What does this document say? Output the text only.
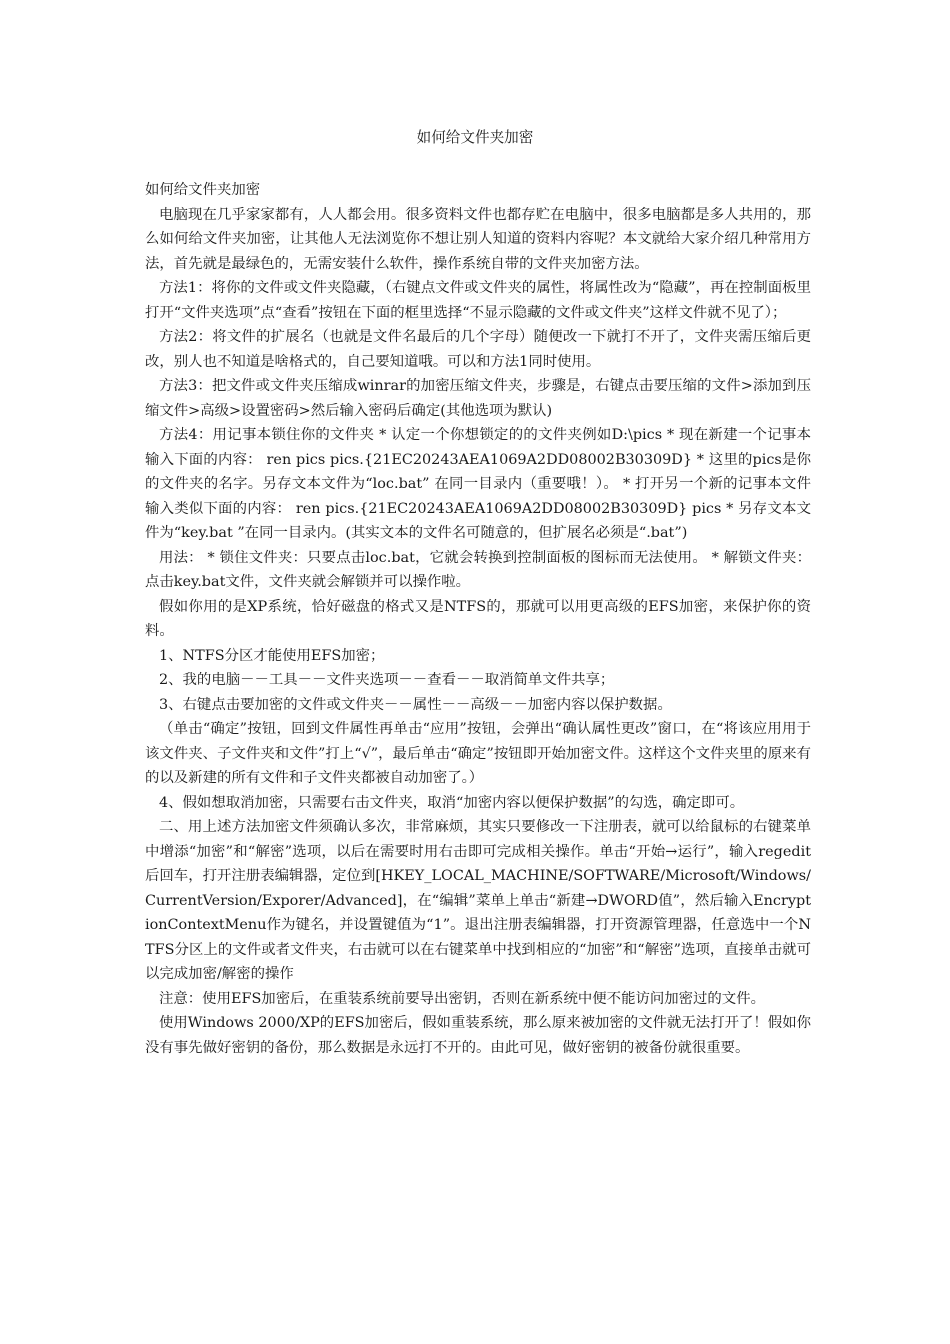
如何给文件夹加密

如何给文件夹加密

电脑现在几乎家家都有，人人都会用。很多资料文件也都存贮在电脑中，很多电脑都是多人共用的，那么如何给文件夹加密，让其他人无法浏览你不想让别人知道的资料内容呢？本文就给大家介绍几种常用方法，首先就是最绿色的，无需安装什么软件，操作系统自带的文件夹加密方法。

方法1：将你的文件或文件夹隐藏，（右键点文件或文件夹的属性，将属性改为“隐藏”，再在控制面板里打开“文件夹选项”点“查看”按钮在下面的框里选择“不显示隐藏的文件或文件夹”这样文件就不见了）；

方法2：将文件的扩展名（也就是文件名最后的几个字母）随便改一下就打不开了，文件夹需压缩后更改，别人也不知道是啥格式的，自己要知道哦。可以和方法1同时使用。

方法3：把文件或文件夹压缩成winrar的加密压缩文件夹，步骤是，右键点击要压缩的文件>添加到压缩文件>高级>设置密码>然后输入密码后确定(其他选项为默认)

方法4：用记事本锁住你的文件夹 * 认定一个你想锁定的的文件夹例如D:\pics * 现在新建一个记事本输入下面的内容： ren pics pics.{21EC20243AEA1069A2DD08002B30309D} * 这里的pics是你的文件夹的名字。另存文本文件为“loc.bat” 在同一目录内（重要哦！）。 * 打开另一个新的记事本文件输入类似下面的内容： ren pics.{21EC20243AEA1069A2DD08002B30309D} pics * 另存文本文件为“key.bat ”在同一目录内。(其实文本的文件名可随意的，但扩展名必须是“.bat”)

用法： * 锁住文件夹：只要点击loc.bat，它就会转换到控制面板的图标而无法使用。 * 解锁文件夹：点击key.bat文件，文件夹就会解锁并可以操作啦。

假如你用的是XP系统，恰好磁盘的格式又是NTFS的，那就可以用更高级的EFS加密，来保护你的资料。

1、NTFS分区才能使用EFS加密；

2、我的电脑－－工具－－文件夹选项－－查看－－取消简单文件共享；

3、右键点击要加密的文件或文件夹－－属性－－高级－－加密内容以保护数据。

（单击“确定”按钮，回到文件属性再单击“应用”按钮，会弹出“确认属性更改”窗口，在“将该应用用于该文件夹、子文件夹和文件”打上“√”，最后单击“确定”按钮即开始加密文件。这样这个文件夹里的原来有的以及新建的所有文件和子文件夹都被自动加密了。）

4、假如想取消加密，只需要右击文件夹，取消“加密内容以便保护数据”的勾选，确定即可。

二、用上述方法加密文件须确认多次，非常麻烦，其实只要修改一下注册表，就可以给鼠标的右键菜单中增添“加密”和“解密”选项，以后在需要时用右击即可完成相关操作。单击“开始→运行”，输入regedit后回车，打开注册表编辑器，定位到[HKEY_LOCAL_MACHINE/SOFTWARE/Microsoft/Windows/CurrentVersion/Exporer/Advanced]，在“编辑”菜单上单击“新建→DWORD值”，然后输入EncryptionContextMenu作为键名，并设置键值为“1”。退出注册表编辑器，打开资源管理器，任意选中一个NTFS分区上的文件或者文件夹，右击就可以在右键菜单中找到相应的“加密”和“解密”选项，直接单击就可以完成加密/解密的操作

注意：使用EFS加密后，在重装系统前要导出密钥，否则在新系统中便不能访问加密过的文件。

使用Windows 2000/XP的EFS加密后，假如重装系统，那么原来被加密的文件就无法打开了！假如你没有事先做好密钥的备份，那么数据是永远打不开的。由此可见，做好密钥的被备份就很重要。
